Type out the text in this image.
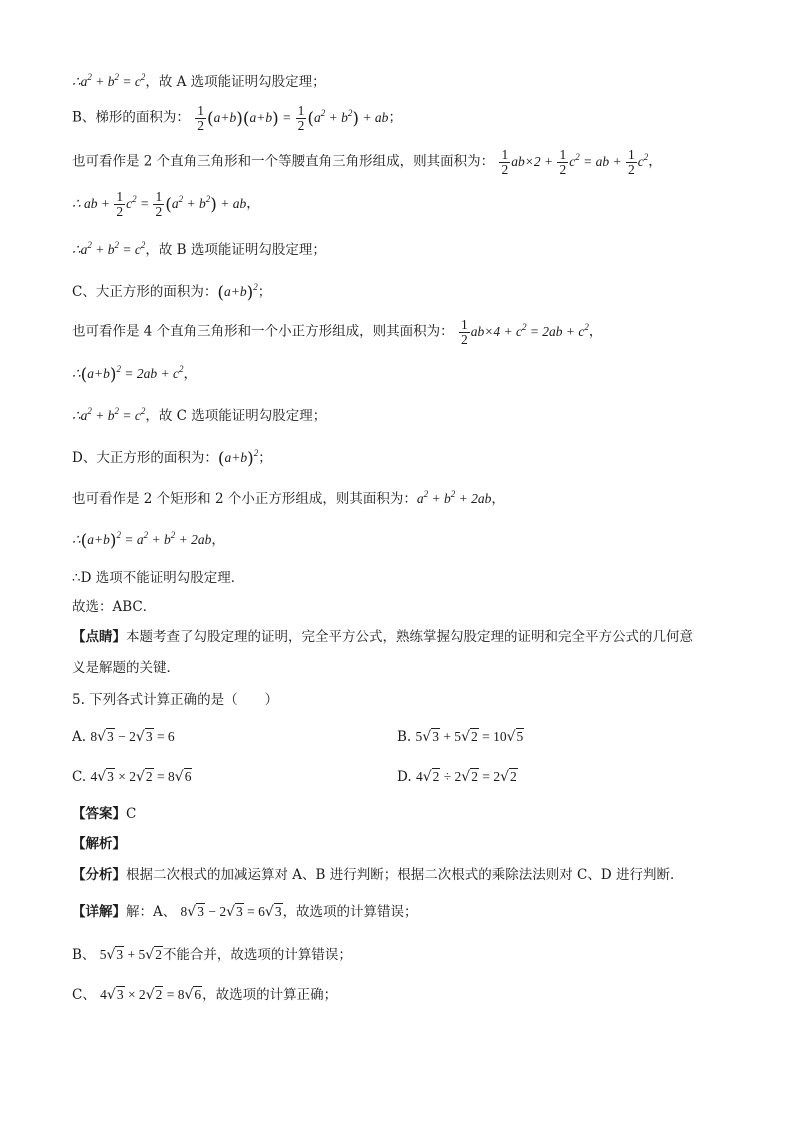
$\therefore a^2 + b^2 = c^2$，故 A 选项能证明勾股定理；
B、梯形的面积为： $\frac{1}{2} (a+b)(a+b) = \frac{1}{2} (a^2 + b^2)$ + ab；
也可看作是 2 个直角三角形和一个等腰直角三角形组成，则其面积为： $\frac{1}{2} ab\times 2 + \frac{1}{2} c^2$ = ab + $\frac{1}{2} c^2$，
∴ ab + $\frac{1}{2} c^2 = \frac{1}{2} (a^2 + b^2)$ + ab，
$\therefore a^2 + b^2 = c^2$，故 B 选项能证明勾股定理；
C、大正方形的面积为：$(a+b)^2$；
也可看作是 4 个直角三角形和一个小正方形组成，则其面积为： $\frac{1}{2} ab\times 4 + c^2 = 2ab + c^2$，
$\therefore(a+b)^2 = 2ab + c^2$，
$\therefore a^2 + b^2 = c^2$，故 C 选项能证明勾股定理；
D、大正方形的面积为：$(a+b)^2$；
也可看作是 2 个矩形和 2 个小正方形组成，则其面积为：$a^2 + b^2 + 2ab$，
$\therefore(a+b)^2 = a^2 + b^2 + 2ab$，
∴D 选项不能证明勾股定理．
故选：ABC．
【点睛】本题考查了勾股定理的证明，完全平方公式，熟练掌握勾股定理的证明和完全平方公式的几何意
义是解题的关键．
5. 下列各式计算正确的是（　　）
A. 8√3 − 2√3 = 6	B. 5√3 + 5√2 = 10√5
C. 4√3 × 2√2 = 8√6	D. 4√2 ÷ 2√2 = 2√2
【答案】C
【解析】
【分析】根据二次根式的加减运算对 A、B 进行判断；根据二次根式的乘除法法则对 C、D 进行判断．
【详解】解：A、 8√3 − 2√3 = 6√3，故选项的计算错误；
B、 5√3 + 5√2不能合并，故选项的计算错误；
C、 4√3 × 2√2 = 8√6，故选项的计算正确；
